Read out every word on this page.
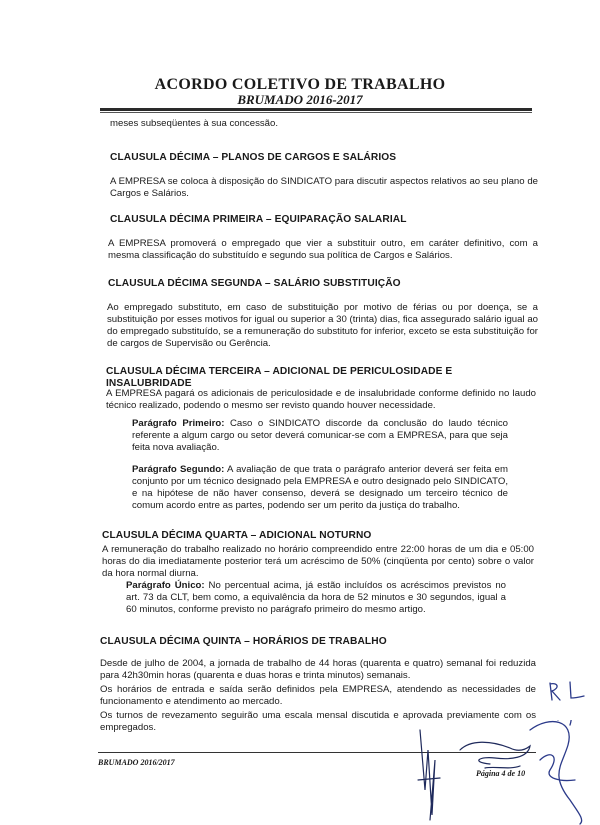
ACORDO COLETIVO DE TRABALHO
BRUMADO 2016-2017
meses subseqüentes à sua concessão.
CLAUSULA DÉCIMA – PLANOS DE CARGOS E SALÁRIOS
A EMPRESA se coloca à disposição do SINDICATO para discutir aspectos relativos ao seu plano de Cargos e Salários.
CLAUSULA DÉCIMA PRIMEIRA – EQUIPARAÇÃO SALARIAL
A EMPRESA promoverá o empregado que vier a substituir outro, em caráter definitivo, com a mesma classificação do substituído e segundo sua política de Cargos e Salários.
CLAUSULA DÉCIMA SEGUNDA – SALÁRIO SUBSTITUIÇÃO
Ao empregado substituto, em caso de substituição por motivo de férias ou por doença, se a substituição por esses motivos for igual ou superior a 30 (trinta) dias, fica assegurado salário igual ao do empregado substituído, se a remuneração do substituto for inferior, exceto se esta substituição for de cargos de Supervisão ou Gerência.
CLAUSULA DÉCIMA TERCEIRA – ADICIONAL DE PERICULOSIDADE E INSALUBRIDADE
A EMPRESA pagará os adicionais de periculosidade e de insalubridade conforme definido no laudo técnico realizado, podendo o mesmo ser revisto quando houver necessidade.
Parágrafo Primeiro: Caso o SINDICATO discorde da conclusão do laudo técnico referente a algum cargo ou setor deverá comunicar-se com a EMPRESA, para que seja feita nova avaliação.
Parágrafo Segundo: A avaliação de que trata o parágrafo anterior deverá ser feita em conjunto por um técnico designado pela EMPRESA e outro designado pelo SINDICATO, e na hipótese de não haver consenso, deverá se designado um terceiro técnico de comum acordo entre as partes, podendo ser um perito da justiça do trabalho.
CLAUSULA DÉCIMA QUARTA – ADICIONAL NOTURNO
A remuneração do trabalho realizado no horário compreendido entre 22:00 horas de um dia e 05:00 horas do dia imediatamente posterior terá um acréscimo de 50% (cinqüenta por cento) sobre o valor da hora normal diurna.
Parágrafo Único: No percentual acima, já estão incluídos os acréscimos previstos no art. 73 da CLT, bem como, a equivalência da hora de 52 minutos e 30 segundos, igual a 60 minutos, conforme previsto no parágrafo primeiro do mesmo artigo.
CLAUSULA DÉCIMA QUINTA – HORÁRIOS DE TRABALHO
Desde de julho de 2004, a jornada de trabalho de 44 horas (quarenta e quatro) semanal foi reduzida para 42h30min horas (quarenta e duas horas e trinta minutos) semanais.
Os horários de entrada e saída serão definidos pela EMPRESA, atendendo as necessidades de funcionamento e atendimento ao mercado.
Os turnos de revezamento seguirão uma escala mensal discutida e aprovada previamente com os empregados.
BRUMADO 2016/2017
Página 4 de 10
